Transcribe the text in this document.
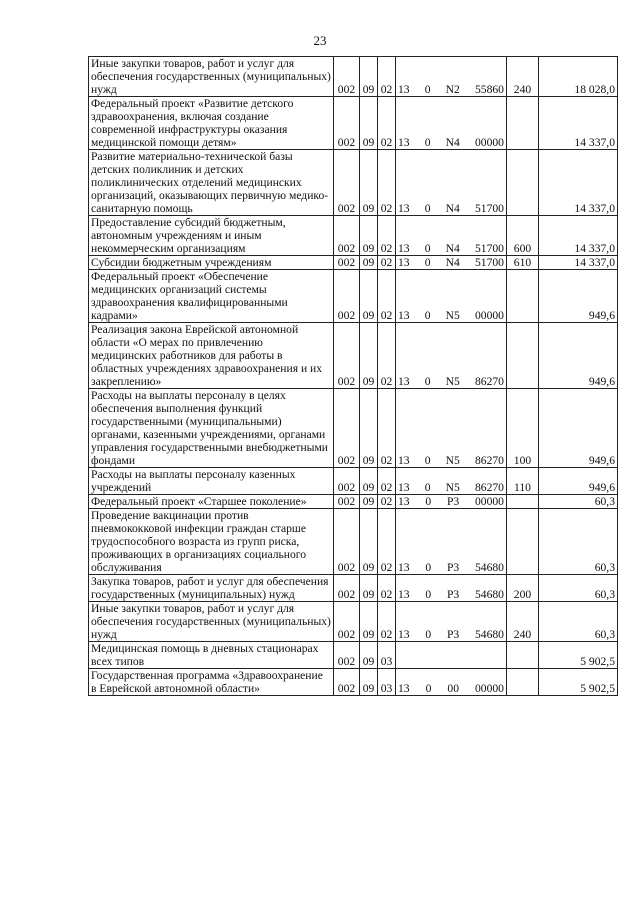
23
Иные закупки товаров, работ и услуг для обеспечения государственных (муниципальных) нужд	002	09	02	13 0 N2 55860	240	18 028,0
Федеральный проект «Развитие детского здравоохранения, включая создание современной инфраструктуры оказания медицинской помощи детям»	002	09	02	13 0 N4 00000		14 337,0
Развитие материально-технической базы детских поликлиник и детских поликлинических отделений медицинских организаций, оказывающих первичную медико-санитарную помощь	002	09	02	13 0 N4 51700		14 337,0
Предоставление субсидий бюджетным, автономным учреждениям и иным некоммерческим организациям	002	09	02	13 0 N4 51700	600	14 337,0
Субсидии бюджетным учреждениям	002	09	02	13 0 N4 51700	610	14 337,0
Федеральный проект «Обеспечение медицинских организаций системы здравоохранения квалифицированными кадрами»	002	09	02	13 0 N5 00000		949,6
Реализация закона Еврейской автономной области «О мерах по привлечению медицинских работников для работы в областных учреждениях здравоохранения и их закреплению»	002	09	02	13 0 N5 86270		949,6
Расходы на выплаты персоналу в целях обеспечения выполнения функций государственными (муниципальными) органами, казенными учреждениями, органами управления государственными внебюджетными фондами	002	09	02	13 0 N5 86270	100	949,6
Расходы на выплаты персоналу казенных учреждений	002	09	02	13 0 N5 86270	110	949,6
Федеральный проект «Старшее поколение»	002	09	02	13 0 P3 00000		60,3
Проведение вакцинации против пневмококковой инфекции граждан старше трудоспособного возраста из групп риска, проживающих в организациях социального обслуживания	002	09	02	13 0 P3 54680		60,3
Закупка товаров, работ и услуг для обеспечения государственных (муниципальных) нужд	002	09	02	13 0 P3 54680	200	60,3
Иные закупки товаров, работ и услуг для обеспечения государственных (муниципальных) нужд	002	09	02	13 0 P3 54680	240	60,3
Медицинская помощь в дневных стационарах всех типов	002	09	03			5 902,5
Государственная программа «Здравоохранение в Еврейской автономной области»	002	09	03	13 0 00 00000		5 902,5
